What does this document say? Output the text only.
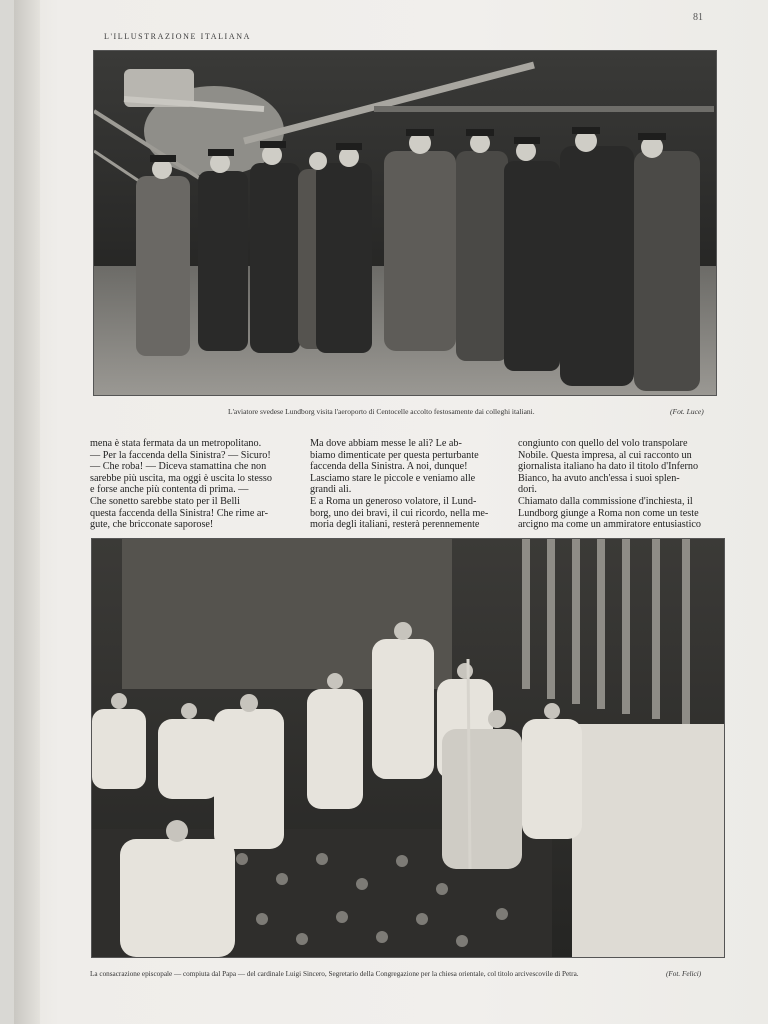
L'ILLUSTRAZIONE ITALIANA
81
L'aviatore svedese Lundborg visita l'aeroporto di Centocelle accolto festosamente dai colleghi italiani.	(Fot. Luce)
mena è stata fermata da un metropolitano.
— Per la faccenda della Sinistra? — Sicuro!
— Che roba! — Diceva stamattina che non
sarebbe più uscita, ma oggi è uscita lo stesso
e forse anche più contenta di prima. —
Che sonetto sarebbe stato per il Belli
questa faccenda della Sinistra! Che rime ar-
gute, che bricconate saporose!
Ma dove abbiam messe le ali? Le ab-
biamo dimenticate per questa perturbante
faccenda della Sinistra. A noi, dunque!
Lasciamo stare le piccole e veniamo alle
grandi ali.
E a Roma un generoso volatore, il Lund-
borg, uno dei bravi, il cui ricordo, nella me-
moria degli italiani, resterà perennemente
congiunto con quello del volo transpolare
Nobile. Questa impresa, al cui racconto un
giornalista italiano ha dato il titolo d'Inferno
Bianco, ha avuto anch'essa i suoi splen-
dori.
Chiamato dalla commissione d'inchiesta, il
Lundborg giunge a Roma non come un teste
arcigno ma come un ammiratore entusiastico
La consacrazione episcopale — compiuta dal Papa — del cardinale Luigi Sincero, Segretario della Congregazione per la chiesa orientale, col titolo arcivescovile di Petra.	(Fot. Felici)
